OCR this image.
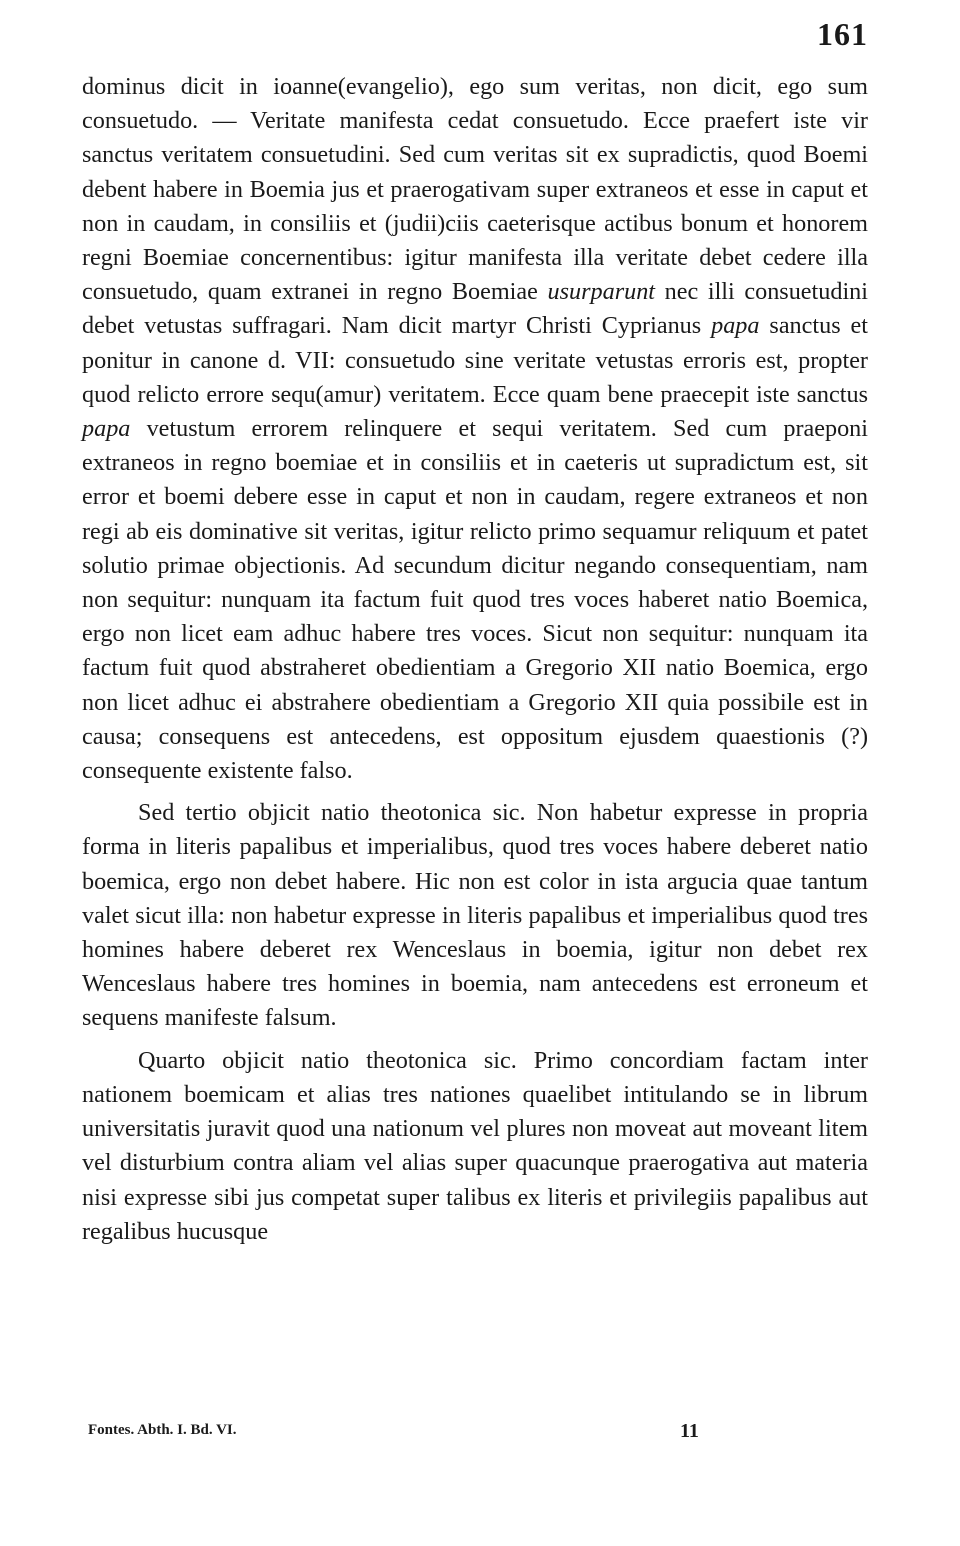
161

dominus dicit in ioanne(evangelio), ego sum veritas, non dicit, ego sum consuetudo. — Veritate manifesta cedat consuetudo. Ecce praefert iste vir sanctus veritatem consuetudini. Sed cum veritas sit ex supradictis, quod Boemi debent habere in Boemia jus et praerogativam super extraneos et esse in caput et non in caudam, in consiliis et (judii)ciis caeterisque actibus bonum et honorem regni Boemiae concernentibus: igitur manifesta illa veritate debet cedere illa consuetudo, quam extranei in regno Boemiae usurparunt nec illi consuetudini debet vetustas suffragari. Nam dicit martyr Christi Cyprianus papa sanctus et ponitur in canone d. VII: consuetudo sine veritate vetustas erroris est, propter quod relicto errore sequ(amur) veritatem. Ecce quam bene praecepit iste sanctus papa vetustum errorem relinquere et sequi veritatem. Sed cum praeponi extraneos in regno boemiae et in consiliis et in caeteris ut supradictum est, sit error et boemi debere esse in caput et non in caudam, regere extraneos et non regi ab eis dominative sit veritas, igitur relicto primo sequamur reliquum et patet solutio primae objectionis. Ad secundum dicitur negando consequentiam, nam non sequitur: nunquam ita factum fuit quod tres voces haberet natio Boemica, ergo non licet eam adhuc habere tres voces. Sicut non sequitur: nunquam ita factum fuit quod abstraheret obedientiam a Gregorio XII natio Boemica, ergo non licet adhuc ei abstrahere obedientiam a Gregorio XII quia possibile est in causa; consequens est antecedens, est oppositum ejusdem quaestionis (?) consequente existente falso.

Sed tertio objicit natio theotonica sic. Non habetur expresse in propria forma in literis papalibus et imperialibus, quod tres voces habere deberet natio boemica, ergo non debet habere. Hic non est color in ista argucia quae tantum valet sicut illa: non habetur expresse in literis papalibus et imperialibus quod tres homines habere deberet rex Wenceslaus in boemia, igitur non debet rex Wenceslaus habere tres homines in boemia, nam antecedens est erroneum et sequens manifeste falsum.

Quarto objicit natio theotonica sic. Primo concordiam factam inter nationem boemicam et alias tres nationes quaelibet intitulando se in librum universitatis juravit quod una nationum vel plures non moveat aut moveant litem vel disturbium contra aliam vel alias super quacunque praerogativa aut materia nisi expresse sibi jus competat super talibus ex literis et privilegiis papalibus aut regalibus hucusque

Fontes. Abth. I. Bd. VI.	11
